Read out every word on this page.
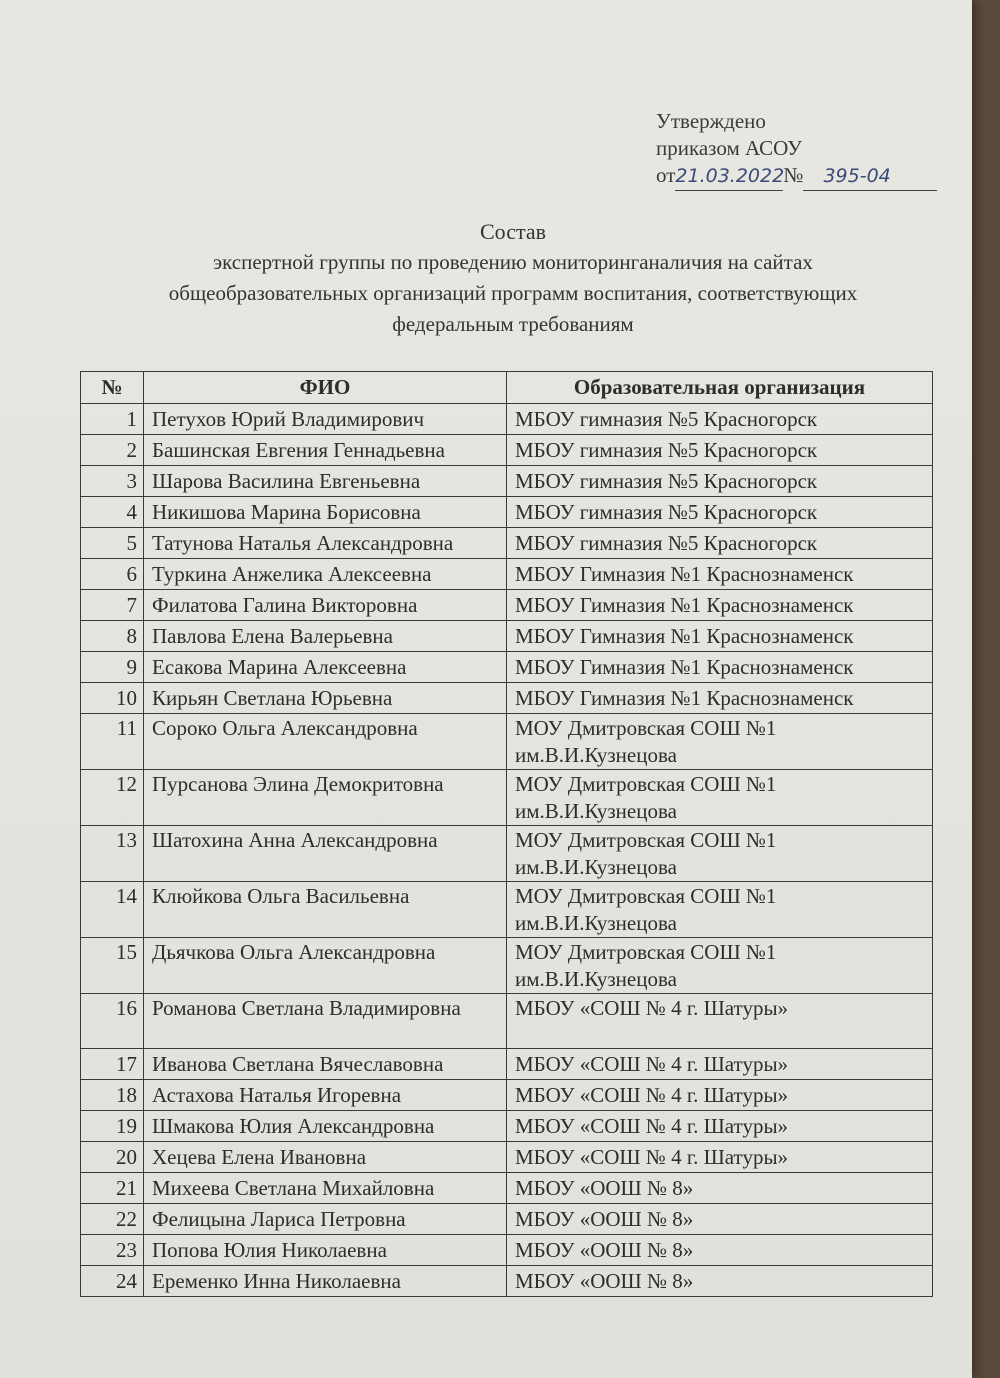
Утверждено
приказом АСОУ
от21.03.2022№ 395-04
Состав
экспертной группы по проведению мониторинганаличия на сайтах
общеобразовательных организаций программ воспитания, соответствующих
федеральным требованиям
№	ФИО	Образовательная организация
1	Петухов Юрий Владимирович	МБОУ гимназия №5 Красногорск
2	Башинская Евгения Геннадьевна	МБОУ гимназия №5 Красногорск
3	Шарова Василина Евгеньевна	МБОУ гимназия №5 Красногорск
4	Никишова Марина Борисовна	МБОУ гимназия №5 Красногорск
5	Татунова Наталья Александровна	МБОУ гимназия №5 Красногорск
6	Туркина Анжелика Алексеевна	МБОУ Гимназия №1 Краснознаменск
7	Филатова Галина Викторовна	МБОУ Гимназия №1 Краснознаменск
8	Павлова Елена Валерьевна	МБОУ Гимназия №1 Краснознаменск
9	Есакова Марина Алексеевна	МБОУ Гимназия №1 Краснознаменск
10	Кирьян Светлана Юрьевна	МБОУ Гимназия №1 Краснознаменск
11	Сороко Ольга Александровна	МОУ Дмитровская СОШ №1 им.В.И.Кузнецова
12	Пурсанова Элина Демокритовна	МОУ Дмитровская СОШ №1 им.В.И.Кузнецова
13	Шатохина Анна Александровна	МОУ Дмитровская СОШ №1 им.В.И.Кузнецова
14	Клюйкова Ольга Васильевна	МОУ Дмитровская СОШ №1 им.В.И.Кузнецова
15	Дьячкова Ольга Александровна	МОУ Дмитровская СОШ №1 им.В.И.Кузнецова
16	Романова Светлана Владимировна	МБОУ «СОШ № 4 г. Шатуры»
17	Иванова Светлана Вячеславовна	МБОУ «СОШ № 4 г. Шатуры»
18	Астахова Наталья Игоревна	МБОУ «СОШ № 4 г. Шатуры»
19	Шмакова Юлия Александровна	МБОУ «СОШ № 4 г. Шатуры»
20	Хецева Елена Ивановна	МБОУ «СОШ № 4 г. Шатуры»
21	Михеева Светлана Михайловна	МБОУ «ООШ № 8»
22	Фелицына Лариса Петровна	МБОУ «ООШ № 8»
23	Попова Юлия Николаевна	МБОУ «ООШ № 8»
24	Еременко Инна Николаевна	МБОУ «ООШ № 8»
